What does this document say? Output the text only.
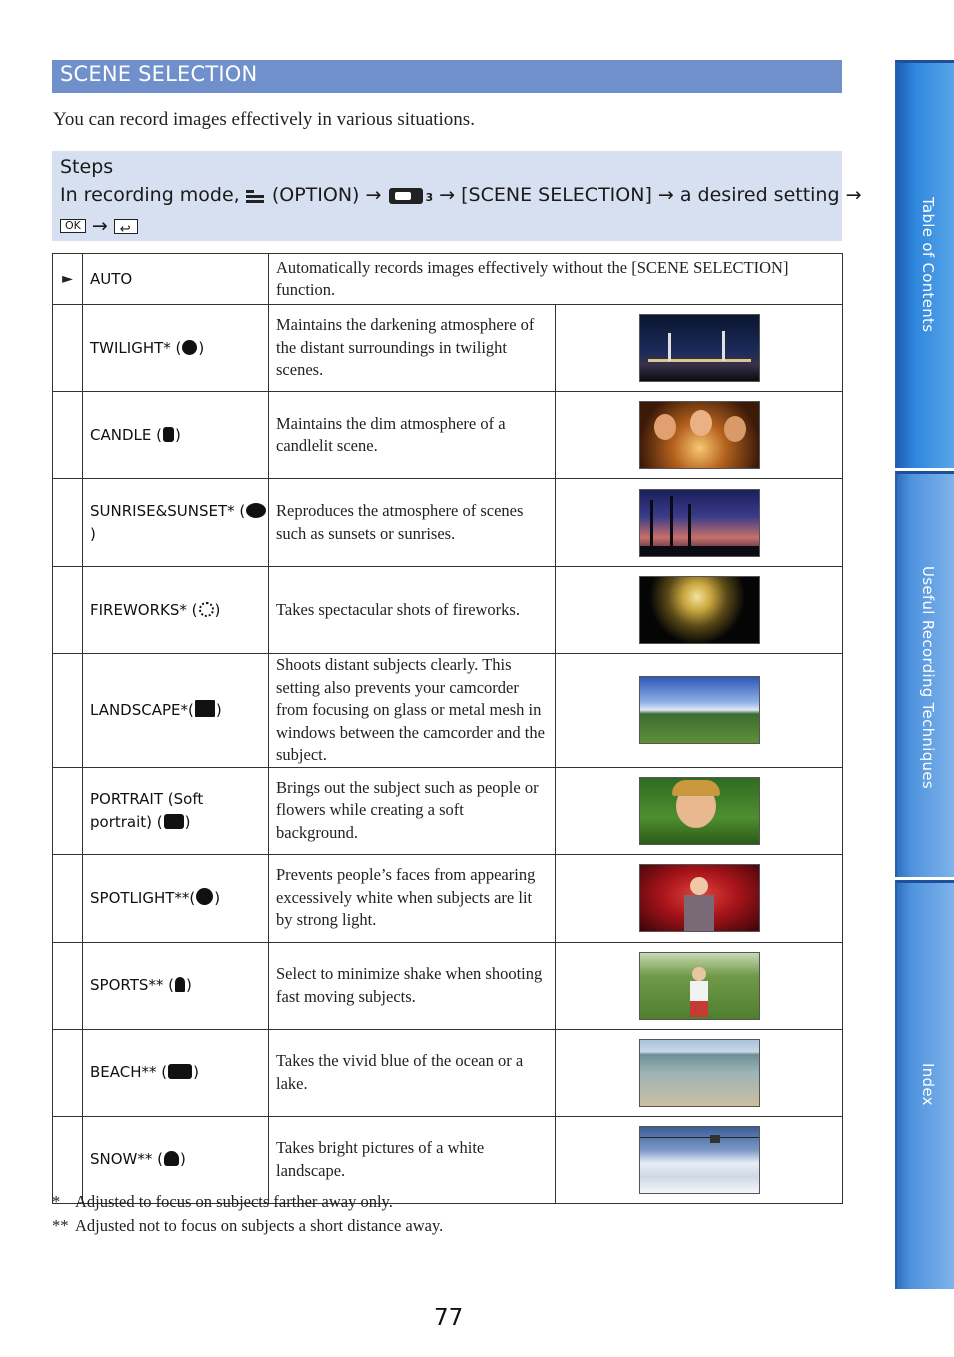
SCENE SELECTION
You can record images effectively in various situations.
Steps
In recording mode, (OPTION) →	3 → [SCENE SELECTION] → a desired setting →
OK →
↩
►	AUTO	Automatically records images effectively without the [SCENE SELECTION] function.	
	TWILIGHT* ( )	Maintains the darkening atmosphere of the distant surroundings in twilight scenes.	

	CANDLE ( )	Maintains the dim atmosphere of a candlelit scene.	

	SUNRISE&SUNSET* ()	Reproduces the atmosphere of scenes such as sunsets or sunrises.	

	FIREWORKS* ( )	Takes spectacular shots of fireworks.	
	LANDSCAPE*( )	Shoots distant subjects clearly. This setting also prevents your camcorder from focusing on glass or metal mesh in windows between the camcorder and the subject.	
	PORTRAIT (Soft portrait) ( )	Brings out the subject such as people or flowers while creating a soft background.	

	SPOTLIGHT**( )	Prevents people’s faces from appearing excessively white when subjects are lit by strong light.	

	SPORTS** ( )	Select to minimize shake when shooting fast moving subjects.	

	BEACH** ( )	Takes the vivid blue of the ocean or a lake.	
	SNOW** ( )	Takes bright pictures of a white landscape.	
* Adjusted to focus on subjects farther away only.
** Adjusted not to focus on subjects a short distance away.
77
Table of Contents
Useful Recording Techniques
Index
